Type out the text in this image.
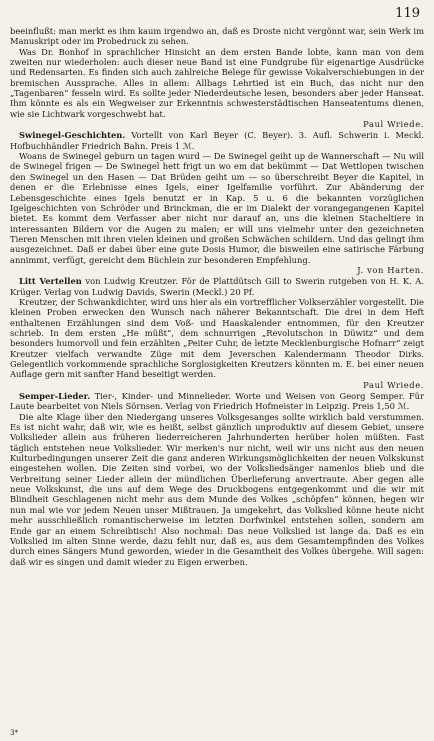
119

beeinflußt: man merkt es ihm kaum irgendwo an, daß es Droste nicht vergönnt war, sein Werk im Manuskript oder im Probedruck zu sehen.

Was Dr. Bonhof in sprachlicher Hinsicht an dem ersten Bande lobte, kann man von dem zweiten nur wiederholen: auch dieser neue Band ist eine Fundgrube für eigenartige Ausdrücke und Redensarten. Es finden sich auch zahlreiche Belege für gewisse Vokalverschiebungen in der bremischen Aussprache. Alles in allem: Allbags Lehrtied ist ein Buch, das nicht nur den „Tagenbaren“ fesseln wird. Es sollte jeder Niederdeutsche lesen, besonders aber jeder Hanseat. Ihm könnte es als ein Wegweiser zur Erkenntnis schwesterstädtischen Hanseatentums dienen, wie sie Lichtwark vorgeschwebt hat.

Paul Wriede.

Swinegel-Geschichten. Vortellt von Karl Beyer (C. Beyer). 3. Aufl. Schwerin i. Meckl. Hofbuchhändler Friedrich Bahn. Preis 1 ℳ.

Woans de Swinegel geburn un tagen wurd — De Swinegel geiht up de Wannerschaft — Nu will de Swinegel frigen — De Swinegel hett frigt un wo em dat bekümmt — Dat Wettlopen twischen den Swinegel un den Hasen — Dat Brüden geiht um — so überschreibt Beyer die Kapitel, in denen er die Erlebnisse eines Igels, einer Igelfamilie vorführt. Zur Abänderung der Lebensgeschichte eines Igels benutzt er in Kap. 5 u. 6 die bekannten vorzüglichen Igelgeschichten von Schröder und Brinckman, die er im Dialekt der vorangegangenen Kapitel bietet. Es kommt dem Verfasser aber nicht nur darauf an, uns die kleinen Stacheltiere in interessanten Bildern vor die Augen zu malen; er will uns vielmehr unter den gezeichneten Tieren Menschen mit ihren vielen kleinen und großen Schwächen schildern. Und das gelingt ihm ausgezeichnet. Daß er dabei über eine gute Dosis Humor, die bisweilen eine satirische Färbung annimmt, verfügt, gereicht dem Büchlein zur besonderen Empfehlung.

J. von Harten.

Litt Vertellen von Ludwig Kreutzer. För de Plattdütsch Gill to Swerin rutgeben von H. K. A. Krüger. Verlag von Ludwig Davids, Swerin (Meckl.) 20 Pf.

Kreutzer, der Schwankdichter, wird uns hier als ein vortrefflicher Volkserzähler vorgestellt. Die kleinen Proben erwecken den Wunsch nach näherer Bekanntschaft. Die drei in dem Heft enthaltenen Erzählungen sind dem Voß- und Haaskalender entnommen, für den Kreutzer schrieb. In dem ersten „He müßt“, dem schnurrigen „Revolutschon in Düwitz“ und dem besonders humorvoll und fein erzählten „Peiter Cuhr, de letzte Mecklenburgische Hofnarr“ zeigt Kreutzer vielfach verwandte Züge mit dem Jeverschen Kalendermann Theodor Dirks. Gelegentlich vorkommende sprachliche Sorglosigkeiten Kreutzers könnten m. E. bei einer neuen Auflage gern mit sanfter Hand beseitigt werden.

Paul Wriede.

Semper-Lieder. Tier-, Kinder- und Minnelieder. Worte und Weisen von Georg Semper. Für Laute bearbeitet von Niels Sörnsen. Verlag von Friedrich Hofmeister in Leipzig. Preis 1,50 ℳ.

Die alte Klage über den Niedergang unseres Volksgesanges sollte wirklich bald verstummen. Es ist nicht wahr, daß wir, wie es heißt, selbst gänzlich unproduktiv auf diesem Gebiet, unsere Volkslieder allein aus früheren liederreicheren Jahrhunderten herüber holen müßten. Fast täglich entstehen neue Volkslieder. Wir merken's nur nicht, weil wir uns nicht aus den neuen Kulturbedingungen unserer Zeit die ganz anderen Wirkungsmöglichkeiten der neuen Volkskunst eingestehen wollen. Die Zeiten sind vorbei, wo der Volksliedsänger namenlos blieb und die Verbreitung seiner Lieder allein der mündlichen Überlieferung anvertraute. Aber gegen alle neue Volkskunst, die uns auf dem Wege des Druckbogens entgegenkommt und die wir mit Blindheit Geschlagenen nicht mehr aus dem Munde des Volkes „schöpfen“ können, hegen wir nun mal wie vor jedem Neuen unser Mißtrauen. Ja umgekehrt, das Volkslied könne heute nicht mehr ausschließlich romantischerweise im letzten Dorfwinkel entstehen sollen, sondern am Ende gar an einem Schreibtisch! Also nochmal: Das neue Volkslied ist lange da. Daß es ein Volkslied im alten Sinne werde, dazu fehlt nur, daß es, aus dem Gesamtempfinden des Volkes durch eines Sängers Mund geworden, wieder in die Gesamtheit des Volkes übergehe. Will sagen: daß wir es singen und damit wieder zu Eigen erwerben.

3*
